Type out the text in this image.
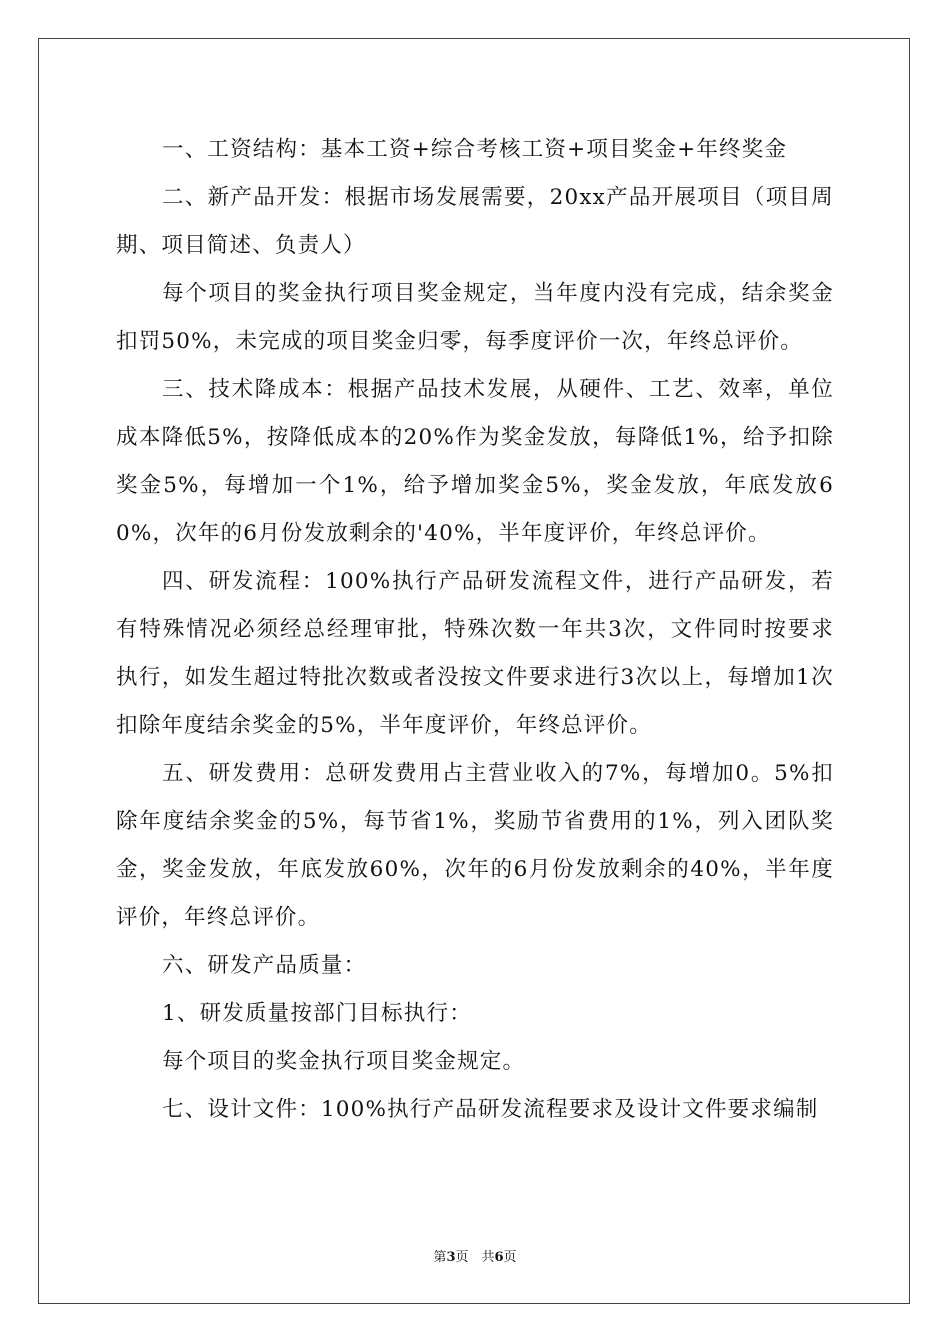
一、工资结构：基本工资+综合考核工资+项目奖金+年终奖金

二、新产品开发：根据市场发展需要，20xx产品开展项目（项目周期、项目简述、负责人）

每个项目的奖金执行项目奖金规定，当年度内没有完成，结余奖金扣罚50%，未完成的项目奖金归零，每季度评价一次，年终总评价。

三、技术降成本：根据产品技术发展，从硬件、工艺、效率，单位成本降低5%，按降低成本的20%作为奖金发放，每降低1%，给予扣除奖金5%，每增加一个1%，给予增加奖金5%，奖金发放，年底发放60%，次年的6月份发放剩余的'40%，半年度评价，年终总评价。

四、研发流程：100%执行产品研发流程文件，进行产品研发，若有特殊情况必须经总经理审批，特殊次数一年共3次，文件同时按要求执行，如发生超过特批次数或者没按文件要求进行3次以上，每增加1次扣除年度结余奖金的5%，半年度评价，年终总评价。

五、研发费用：总研发费用占主营业收入的7%，每增加0。5%扣除年度结余奖金的5%，每节省1%，奖励节省费用的1%，列入团队奖金，奖金发放，年底发放60%，次年的6月份发放剩余的40%，半年度评价，年终总评价。

六、研发产品质量：

1、研发质量按部门目标执行：

每个项目的奖金执行项目奖金规定。

七、设计文件：100%执行产品研发流程要求及设计文件要求编制

第3页　共6页
